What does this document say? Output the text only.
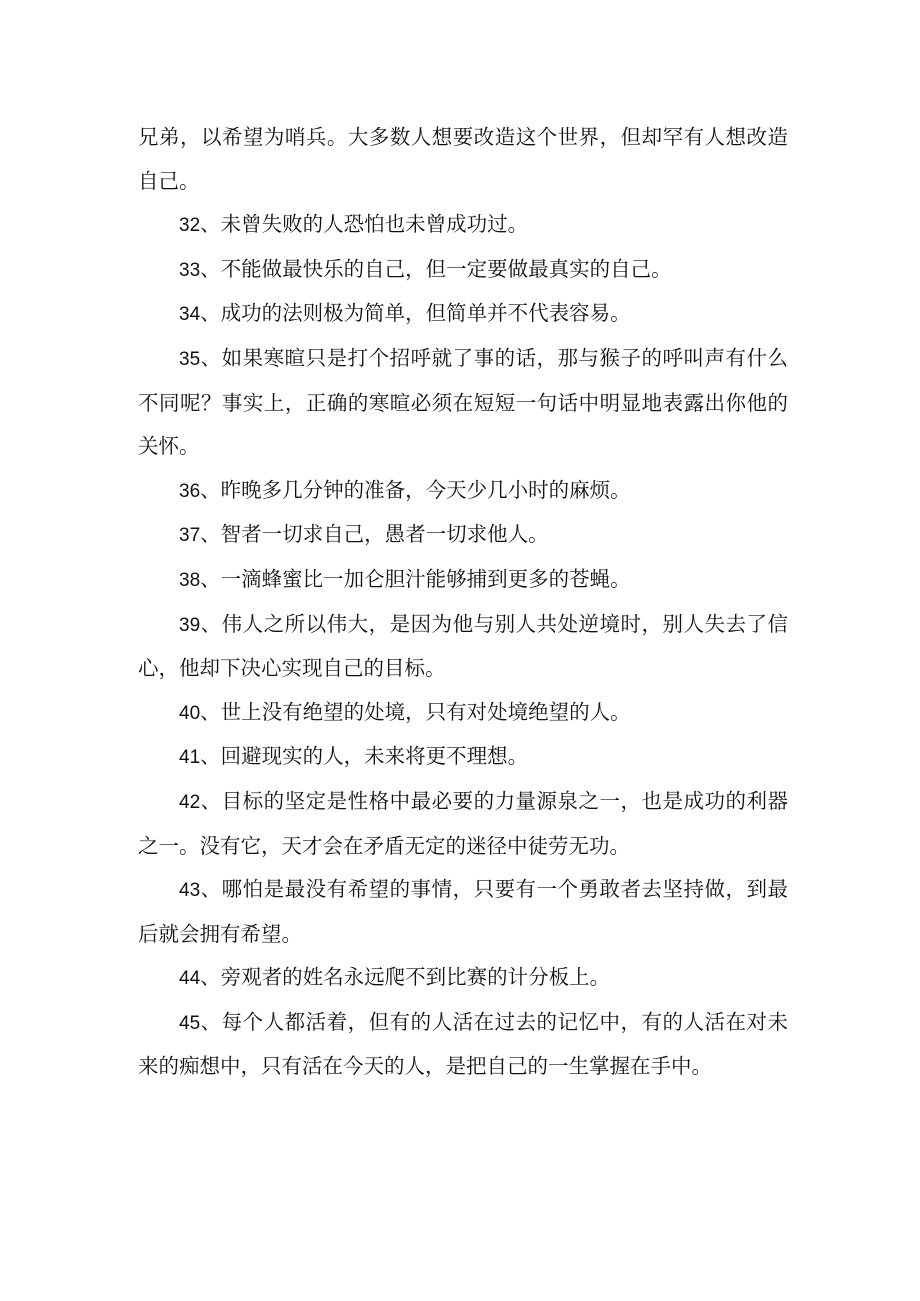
兄弟，以希望为哨兵。大多数人想要改造这个世界，但却罕有人想改造自己。

32、未曾失败的人恐怕也未曾成功过。

33、不能做最快乐的自己，但一定要做最真实的自己。

34、成功的法则极为简单，但简单并不代表容易。

35、如果寒暄只是打个招呼就了事的话，那与猴子的呼叫声有什么不同呢？事实上，正确的寒暄必须在短短一句话中明显地表露出你他的关怀。

36、昨晚多几分钟的准备，今天少几小时的麻烦。

37、智者一切求自己，愚者一切求他人。

38、一滴蜂蜜比一加仑胆汁能够捕到更多的苍蝇。

39、伟人之所以伟大，是因为他与别人共处逆境时，别人失去了信心，他却下决心实现自己的目标。

40、世上没有绝望的处境，只有对处境绝望的人。

41、回避现实的人，未来将更不理想。

42、目标的坚定是性格中最必要的力量源泉之一，也是成功的利器之一。没有它，天才会在矛盾无定的迷径中徒劳无功。

43、哪怕是最没有希望的事情，只要有一个勇敢者去坚持做，到最后就会拥有希望。

44、旁观者的姓名永远爬不到比赛的计分板上。

45、每个人都活着，但有的人活在过去的记忆中，有的人活在对未来的痴想中，只有活在今天的人，是把自己的一生掌握在手中。
